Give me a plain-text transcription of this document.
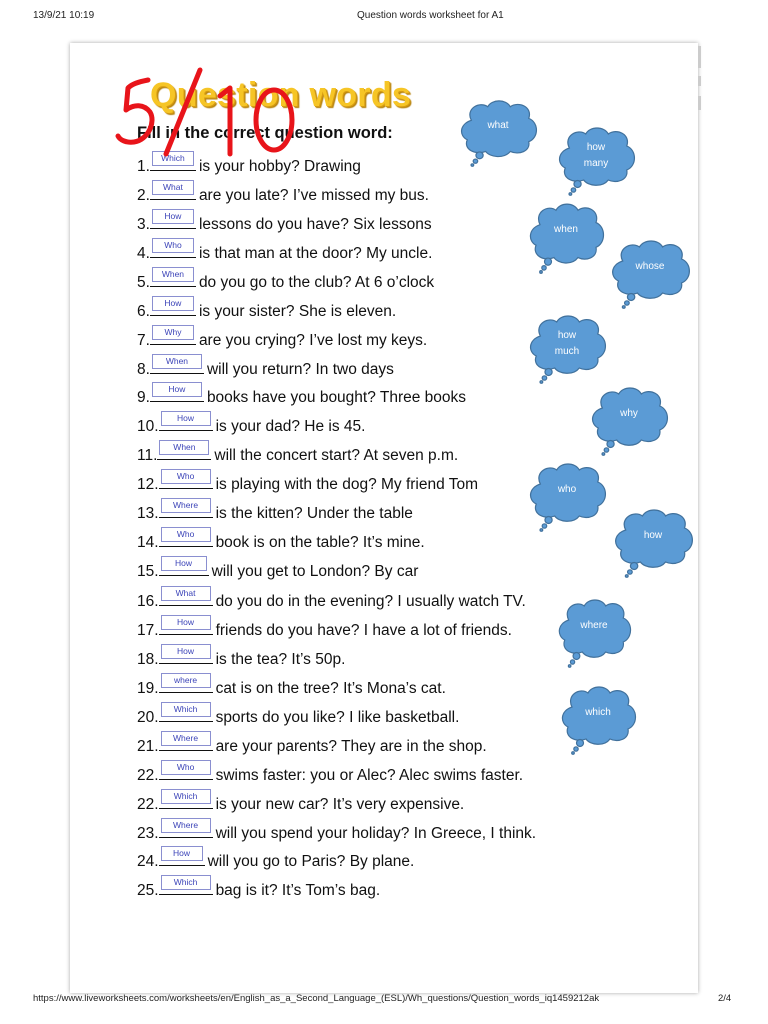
13/9/21 10:19	Question words worksheet for A1
Question words
Fill in the correct question word:
1.	Which is your hobby? Drawing
2.	What	are you late? I’ve missed my bus.
3.	How	lessons do you have? Six lessons
4.	Who	is that man at the door? My uncle.
5.	When do you go to the club? At 6 o’clock
6.	How	is your sister? She is eleven.
7.	Why	are you crying? I’ve lost my keys.
8.	When	will you return? In two days
9.	How	books have you bought? Three books
10.	How	is your dad? He is 45.
11.	When	will the concert start? At seven p.m.
12.	Who	is playing with the dog? My friend Tom
13.	Where	is the kitten? Under the table
14.	Who	book is on the table? It’s mine.
15.	How	will you get to London? By car
16.	What	do you do in the evening? I usually watch TV.
17.	How	friends do you have? I have a lot of friends.
18.	How	is the tea? It’s 50p.
19.	where	cat is on the tree? It’s Mona’s cat.
20.	Which	sports do you like? I like basketball.
21.	Where	are your parents? They are in the shop.
22.	Who	swims faster: you or Alec? Alec swims faster.
22.	Which	is your new car? It’s very expensive.
23.	Where	will you spend your holiday? In Greece, I think.
24.	How	will you go to Paris? By plane.
25.	Which	bag is it? It’s Tom’s bag.
what
how many
when
whose
how much
why
who
how
where
which
https://www.liveworksheets.com/worksheets/en/English_as_a_Second_Language_(ESL)/Wh_questions/Question_words_iq1459212ak	2/4
